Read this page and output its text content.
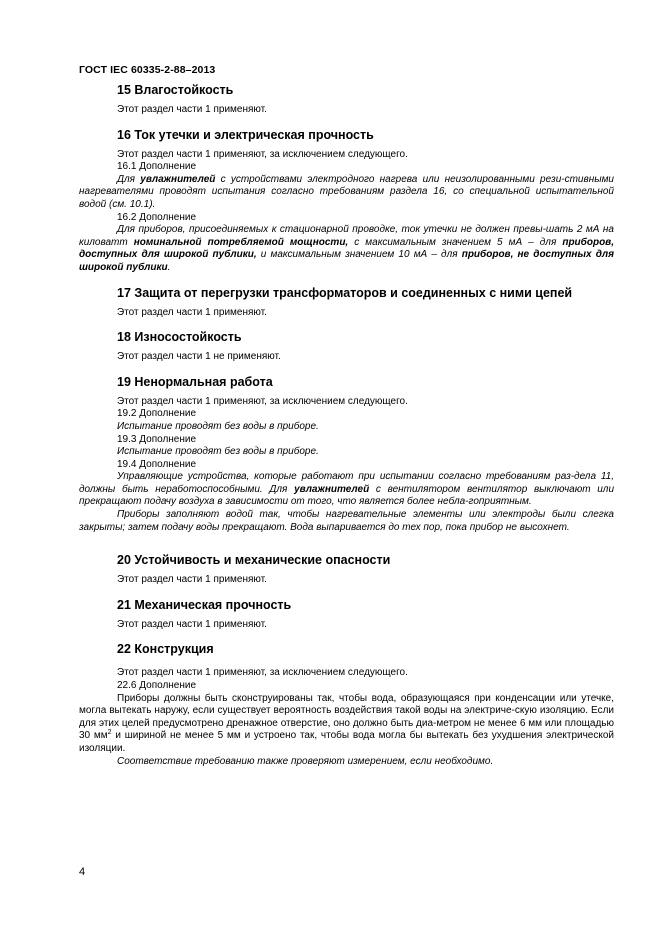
ГОСТ IEC 60335-2-88–2013
15 Влагостойкость

Этот раздел части 1 применяют.

16 Ток утечки и электрическая прочность

Этот раздел части 1 применяют, за исключением следующего.

16.1 Дополнение

Для увлажнителей с устройствами электродного нагрева или неизолированными рези-стивными нагревателями проводят испытания согласно требованиям раздела 16, со специальной испытательной водой (см. 10.1).

16.2 Дополнение

Для приборов, присоединяемых к стационарной проводке, ток утечки не должен превы-шать 2 мА на киловатт номинальной потребляемой мощности, с максимальным значением 5 мА – для приборов, доступных для широкой публики, и максимальным значением 10 мА – для приборов, не доступных для широкой публики.

17 Защита от перегрузки трансформаторов и соединенных с ними цепей

Этот раздел части 1 применяют.

18 Износостойкость

Этот раздел части 1 не применяют.

19 Ненормальная работа

Этот раздел части 1 применяют, за исключением следующего.

19.2 Дополнение

Испытание проводят без воды в приборе.

19.3 Дополнение

Испытание проводят без воды в приборе.

19.4 Дополнение

Управляющие устройства, которые работают при испытании согласно требованиям раз-дела 11, должны быть неработоспособными. Для увлажнителей с вентилятором вентилятор выключают или прекращают подачу воздуха в зависимости от того, что является более небла-гоприятным.

Приборы заполняют водой так, чтобы нагревательные элементы или электроды были слегка закрыты; затем подачу воды прекращают. Вода выпаривается до тех пор, пока прибор не высохнет.

20 Устойчивость и механические опасности

Этот раздел части 1 применяют.

21 Механическая прочность

Этот раздел части 1 применяют.

22 Конструкция

Этот раздел части 1 применяют, за исключением следующего.

22.6 Дополнение

Приборы должны быть сконструированы так, чтобы вода, образующаяся при конденсации или утечке, могла вытекать наружу, если существует вероятность воздействия такой воды на электриче-скую изоляцию. Если для этих целей предусмотрено дренажное отверстие, оно должно быть диа-метром не менее 6 мм или площадью 30 $мм^2$ и шириной не менее 5 мм и устроено так, чтобы вода могла бы вытекать без ухудшения электрической изоляции.

Соответствие требованию также проверяют измерением, если необходимо.

4
